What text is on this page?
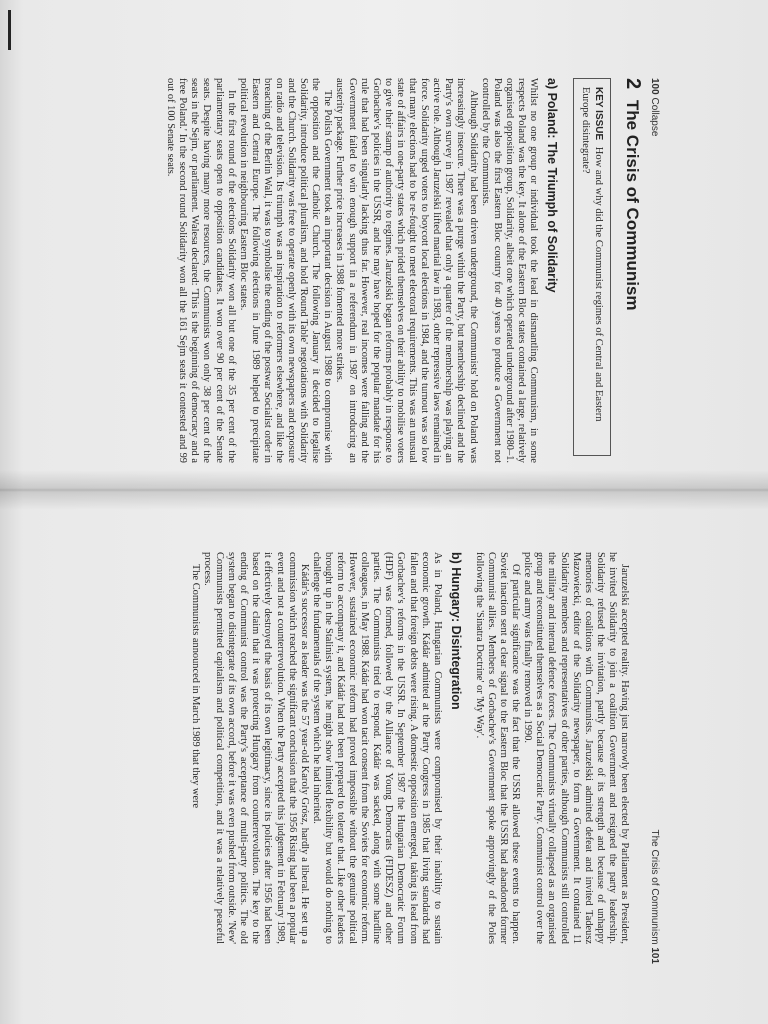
100 Collapse
2 The Crisis of Communism
KEY ISSUE How and why did the Communist regimes of Central and Eastern Europe disintegrate?
a) Poland: The Triumph of Solidarity

Whilst no one group or individual took the lead in dismantling Communism, in some respects Poland was the key. It alone of the Eastern Bloc states contained a large, relatively organised opposition group, Solidarity, albeit one which operated underground after 1980–1. Poland was also the first Eastern Bloc country for 40 years to produce a Government not controlled by the Communists.

Although Solidarity had been driven underground, the Communists' hold on Poland was increasingly insecure. There was a purge within the Party, but membership declined and the Party's own survey in 1987 revealed that only a quarter of the membership was playing an active role. Although Jaruzelski lifted martial law in 1983, other repressive laws remained in force. Solidarity urged voters to boycott local elections in 1984, and the turnout was so low that many elections had to be re-fought to meet electoral requirements. This was an unusual state of affairs in one-party states which prided themselves on their ability to mobilise voters to give their stamp of authority to regimes. Jaruzelski began reforms probably in response to Gorbachev's policies in the USSR, and he may have hoped for the popular mandate for his rule that had been singularly lacking thus far. However, real incomes were falling and the Government failed to win enough support in a referendum in 1987 on introducing an austerity package. Further price increases in 1988 fomented more strikes.

The Polish Government took an important decision in August 1988 to compromise with the opposition and the Catholic Church. The following January it decided to legalise Solidarity, introduce political pluralism, and hold 'Round Table' negotiations with Solidarity and the Church. Solidarity was free to operate openly with its own newspapers and exposure on radio and television. Its triumph was an inspiration to reformers elsewhere, and like the breaching of the Berlin Wall, it was to symbolise the ending of the postwar Socialist order in Eastern and Central Europe. The following elections in June 1989 helped to precipitate political revolution in neighbouring Eastern Bloc states.

In the first round of the elections Solidarity won all but one of the 35 per cent of the parliamentary seats open to opposition candidates. It won over 90 per cent of the Senate seats. Despite having many more resources, the Communists won only 38 per cent of the seats in the Sejm, or parliament. Walesa declared: 'This is the beginning of democracy and a free Poland.' In the second round Solidarity won all the 161 Sejm seats it contested and 99 out of 100 Senate seats.

The Crisis of Communism 101

Jaruzelski accepted reality. Having just narrowly been elected by Parliament as President, he invited Solidarity to join a coalition Government and resigned the party leadership. Solidarity refused the invitation, partly because of its strength and because of unhappy memories of coalitions with Communists. Jaruzelski admitted defeat and invited Tadeusz Mazowiecki, editor of the Solidarity newspaper, to form a Government. It contained 11 Solidarity members and representatives of other parties, although Communists still controlled the military and internal defence forces. The Communists virtually collapsed as an organised group and reconstituted themselves as a Social Democratic Party. Communist control over the police and army was finally removed in 1990.

Of particular significance was the fact that the USSR allowed these events to happen. Soviet inaction sent a clear signal to the Eastern Bloc that the USSR had abandoned former Communist allies. Members of Gorbachev's Government spoke approvingly of the Poles following the 'Sinatra Doctrine' or 'My Way'.

b) Hungary: Disintegration

As in Poland, Hungarian Communists were compromised by their inability to sustain economic growth. Kádár admitted at the Party Congress in 1985 that living standards had fallen and that foreign debts were rising. A domestic opposition emerged, taking its lead from Gorbachev's reforms in the USSR. In September 1987 the Hungarian Democratic Forum (HDF) was formed, followed by the Alliance of Young Democrats (FIDESZ) and other parties. The Communists tried to respond. Kádár was sacked, along with some hardline colleagues, in May 1988. Kádár had won tacit consent from the Soviets for economic reform. However, sustained economic reform had proved impossible without the genuine political reform to accompany it, and Kádár had not been prepared to tolerate that. Like other leaders brought up in the Stalinist system, he might show limited flexibility but would do nothing to challenge the fundamentals of the system which he had inherited.

Kádár's successor as leader was the 57 year-old Karoly Grósz, hardly a liberal. He set up a commission which reached the significant conclusion that the 1956 Rising had been a popular event and not a counterrevolution. When the Party accepted this judgement in February 1989, it effectively destroyed the basis of its own legitimacy, since its policies after 1956 had been based on the claim that it was protecting Hungary from counterrevolution. The key to the ending of Communist control was the Party's acceptance of multi-party politics. The old system began to disintegrate of its own accord, before it was even pushed from outside. 'New' Communists permitted capitalism and political competition, and it was a relatively peaceful process.

The Communists announced in March 1989 that they were
